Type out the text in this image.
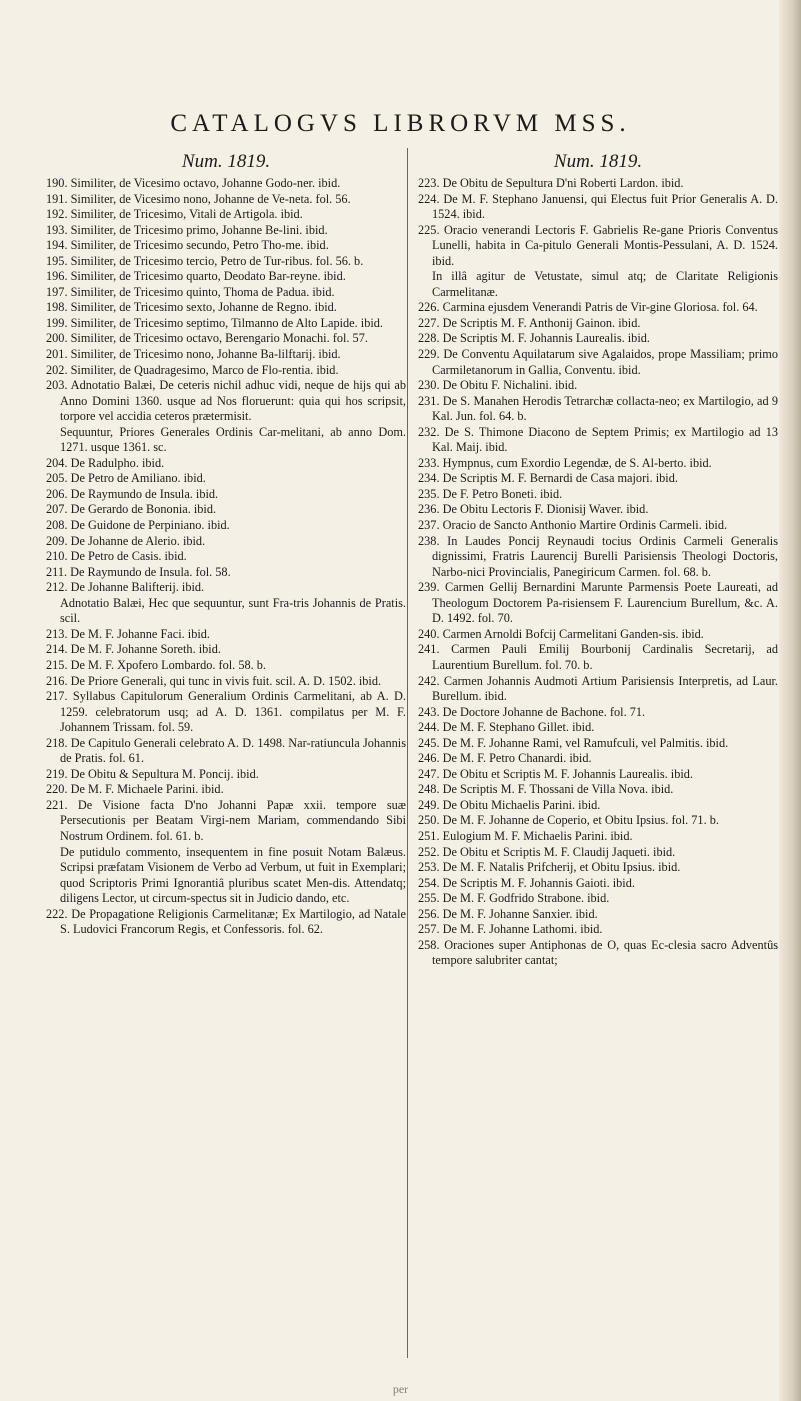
CATALOGVS LIBRORVM MSS.
Num. 1819.

190. Similiter, de Vicesimo octavo, Johanne Godo-ner. ibid.

191. Similiter, de Vicesimo nono, Johanne de Ve-neta. fol. 56.

192. Similiter, de Tricesimo, Vitali de Artigola. ibid.

193. Similiter, de Tricesimo primo, Johanne Be-lini. ibid.

194. Similiter, de Tricesimo secundo, Petro Tho-me. ibid.

195. Similiter, de Tricesimo tercio, Petro de Tur-ribus. fol. 56. b.

196. Similiter, de Tricesimo quarto, Deodato Bar-reyne. ibid.

197. Similiter, de Tricesimo quinto, Thoma de Padua. ibid.

198. Similiter, de Tricesimo sexto, Johanne de Regno. ibid.

199. Similiter, de Tricesimo septimo, Tilmanno de Alto Lapide. ibid.

200. Similiter, de Tricesimo octavo, Berengario Monachi. fol. 57.

201. Similiter, de Tricesimo nono, Johanne Ba-lilftarij. ibid.

202. Similiter, de Quadragesimo, Marco de Flo-rentia. ibid.

203. Adnotatio Balæi, De ceteris nichil adhuc vidi, neque de hijs qui ab Anno Domini 1360. usque ad Nos floruerunt: quia qui hos scripsit, torpore vel accidia ceteros prætermisit.

Sequuntur, Priores Generales Ordinis Car-melitani, ab anno Dom. 1271. usque 1361. sc.

204. De Radulpho. ibid.

205. De Petro de Amiliano. ibid.

206. De Raymundo de Insula. ibid.

207. De Gerardo de Bononia. ibid.

208. De Guidone de Perpiniano. ibid.

209. De Johanne de Alerio. ibid.

210. De Petro de Casis. ibid.

211. De Raymundo de Insula. fol. 58.

212. De Johanne Balifterij. ibid.

Adnotatio Balæi, Hec que sequuntur, sunt Fra-tris Johannis de Pratis. scil.

213. De M. F. Johanne Faci. ibid.

214. De M. F. Johanne Soreth. ibid.

215. De M. F. Xpofero Lombardo. fol. 58. b.

216. De Priore Generali, qui tunc in vivis fuit. scil. A. D. 1502. ibid.

217. Syllabus Capitulorum Generalium Ordinis Carmelitani, ab A. D. 1259. celebratorum usq; ad A. D. 1361. compilatus per M. F. Johannem Trissam. fol. 59.

218. De Capitulo Generali celebrato A. D. 1498. Nar-ratiuncula Johannis de Pratis. fol. 61.

219. De Obitu & Sepultura M. Poncij. ibid.

220. De M. F. Michaele Parini. ibid.

221. De Visione facta D'no Johanni Papæ xxii. tempore suæ Persecutionis per Beatam Virgi-nem Mariam, commendando Sibi Nostrum Ordinem. fol. 61. b.

De putidulo commento, insequentem in fine posuit Notam Balæus. Scripsi præfatam Visionem de Verbo ad Verbum, ut fuit in Exemplari; quod Scriptoris Primi Ignorantiâ pluribus scatet Men-dis. Attendatq; diligens Lector, ut circum-spectus sit in Judicio dando, etc.

222. De Propagatione Religionis Carmelitanæ; Ex Martilogio, ad Natale S. Ludovici Francorum Regis, et Confessoris. fol. 62.

Num. 1819.

223. De Obitu de Sepultura D'ni Roberti Lardon. ibid.

224. De M. F. Stephano Januensi, qui Electus fuit Prior Generalis A. D. 1524. ibid.

225. Oracio venerandi Lectoris F. Gabrielis Re-gane Prioris Conventus Lunelli, habita in Ca-pitulo Generali Montis-Pessulani, A. D. 1524. ibid.

In illâ agitur de Vetustate, simul atq; de Claritate Religionis Carmelitanæ.

226. Carmina ejusdem Venerandi Patris de Vir-gine Gloriosa. fol. 64.

227. De Scriptis M. F. Anthonij Gainon. ibid.

228. De Scriptis M. F. Johannis Laurealis. ibid.

229. De Conventu Aquilatarum sive Agalaidos, prope Massiliam; primo Carmiletanorum in Gallia, Conventu. ibid.

230. De Obitu F. Nichalini. ibid.

231. De S. Manahen Herodis Tetrarchæ collacta-neo; ex Martilogio, ad 9 Kal. Jun. fol. 64. b.

232. De S. Thimone Diacono de Septem Primis; ex Martilogio ad 13 Kal. Maij. ibid.

233. Hympnus, cum Exordio Legendæ, de S. Al-berto. ibid.

234. De Scriptis M. F. Bernardi de Casa majori. ibid.

235. De F. Petro Boneti. ibid.

236. De Obitu Lectoris F. Dionisij Waver. ibid.

237. Oracio de Sancto Anthonio Martire Ordinis Carmeli. ibid.

238. In Laudes Poncij Reynaudi tocius Ordinis Carmeli Generalis dignissimi, Fratris Laurencij Burelli Parisiensis Theologi Doctoris, Narbo-nici Provincialis, Panegiricum Carmen. fol. 68. b.

239. Carmen Gellij Bernardini Marunte Parmensis Poete Laureati, ad Theologum Doctorem Pa-risiensem F. Laurencium Burellum, &c. A. D. 1492. fol. 70.

240. Carmen Arnoldi Bofcij Carmelitani Ganden-sis. ibid.

241. Carmen Pauli Emilij Bourbonij Cardinalis Secretarij, ad Laurentium Burellum. fol. 70. b.

242. Carmen Johannis Audmoti Artium Parisiensis Interpretis, ad Laur. Burellum. ibid.

243. De Doctore Johanne de Bachone. fol. 71.

244. De M. F. Stephano Gillet. ibid.

245. De M. F. Johanne Rami, vel Ramufculi, vel Palmitis. ibid.

246. De M. F. Petro Chanardi. ibid.

247. De Obitu et Scriptis M. F. Johannis Laurealis. ibid.

248. De Scriptis M. F. Thossani de Villa Nova. ibid.

249. De Obitu Michaelis Parini. ibid.

250. De M. F. Johanne de Coperio, et Obitu Ipsius. fol. 71. b.

251. Eulogium M. F. Michaelis Parini. ibid.

252. De Obitu et Scriptis M. F. Claudij Jaqueti. ibid.

253. De M. F. Natalis Prifcherij, et Obitu Ipsius. ibid.

254. De Scriptis M. F. Johannis Gaioti. ibid.

255. De M. F. Godfrido Strabone. ibid.

256. De M. F. Johanne Sanxier. ibid.

257. De M. F. Johanne Lathomi. ibid.

258. Oraciones super Antiphonas de O, quas Ec-clesia sacro Adventûs tempore salubriter cantat;

per
